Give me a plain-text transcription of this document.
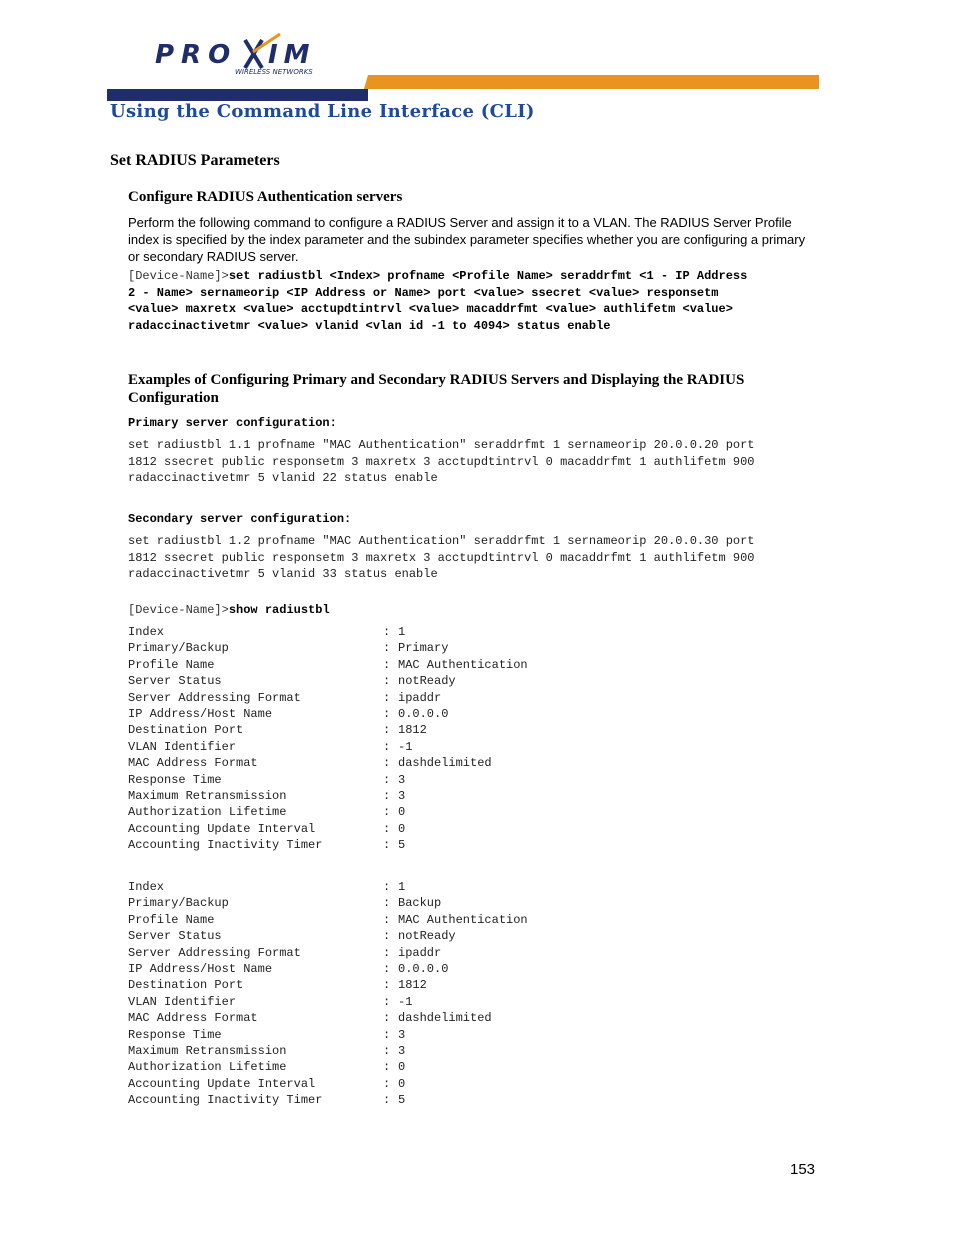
PRO IM
WIRELESS NETWORKS
Using the Command Line Interface (CLI)
Set RADIUS Parameters
Configure RADIUS Authentication servers
Perform the following command to configure a RADIUS Server and assign it to a VLAN. The RADIUS Server Profile index is specified by the index parameter and the subindex parameter specifies whether you are configuring a primary or secondary RADIUS server.
[Device-Name]>set radiustbl <Index> profname <Profile Name> seraddrfmt <1 - IP Address
2 - Name> sernameorip <IP Address or Name> port <value> ssecret <value> responsetm
<value> maxretx <value> acctupdtintrvl <value> macaddrfmt <value> authlifetm <value>
radaccinactivetmr <value> vlanid <vlan id -1 to 4094> status enable
Examples of Configuring Primary and Secondary RADIUS Servers and Displaying the RADIUS Configuration
Primary server configuration:
set radiustbl 1.1 profname "MAC Authentication" seraddrfmt 1 sernameorip 20.0.0.20 port
1812 ssecret public responsetm 3 maxretx 3 acctupdtintrvl 0 macaddrfmt 1 authlifetm 900
radaccinactivetmr 5 vlanid 22 status enable
Secondary server configuration:
set radiustbl 1.2 profname "MAC Authentication" seraddrfmt 1 sernameorip 20.0.0.30 port
1812 ssecret public responsetm 3 maxretx 3 acctupdtintrvl 0 macaddrfmt 1 authlifetm 900
radaccinactivetmr 5 vlanid 33 status enable
[Device-Name]>show radiustbl
Index	: 1
Primary/Backup	: Primary
Profile Name	: MAC Authentication
Server Status	: notReady
Server Addressing Format	: ipaddr
IP Address/Host Name	: 0.0.0.0
Destination Port	: 1812
VLAN Identifier	: -1
MAC Address Format	: dashdelimited
Response Time	: 3
Maximum Retransmission	: 3
Authorization Lifetime	: 0
Accounting Update Interval	: 0
Accounting Inactivity Timer	: 5
Index	: 1
Primary/Backup	: Backup
Profile Name	: MAC Authentication
Server Status	: notReady
Server Addressing Format	: ipaddr
IP Address/Host Name	: 0.0.0.0
Destination Port	: 1812
VLAN Identifier	: -1
MAC Address Format	: dashdelimited
Response Time	: 3
Maximum Retransmission	: 3
Authorization Lifetime	: 0
Accounting Update Interval	: 0
Accounting Inactivity Timer	: 5
153
